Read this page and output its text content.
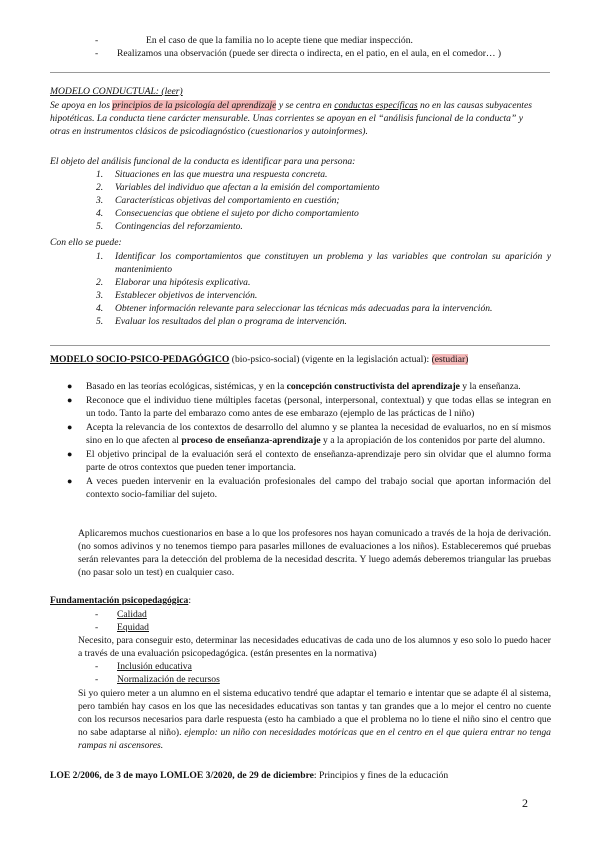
-	En el caso de que la familia no lo acepte tiene que mediar inspección.
- Realizamos una observación (puede ser directa o indirecta, en el patio, en el aula, en el comedor… )
MODELO CONDUCTUAL: (leer)
Se apoya en los principios de la psicología del aprendizaje y se centra en conductas específicas no en las causas subyacentes
hipotéticas. La conducta tiene carácter mensurable. Unas corrientes se apoyan en el “análisis funcional de la conducta” y
otras en instrumentos clásicos de psicodiagnóstico (cuestionarios y autoinformes).
El objeto del análisis funcional de la conducta es identificar para una persona:
1. Situaciones en las que muestra una respuesta concreta.
2. Variables del individuo que afectan a la emisión del comportamiento
3. Características objetivas del comportamiento en cuestión;
4. Consecuencias que obtiene el sujeto por dicho comportamiento
5. Contingencias del reforzamiento.
Con ello se puede:
1. Identificar los comportamientos que constituyen un problema y las variables que controlan su aparición y
mantenimiento
2. Elaborar una hipótesis explicativa.
3. Establecer objetivos de intervención.
4. Obtener información relevante para seleccionar las técnicas más adecuadas para la intervención.
5. Evaluar los resultados del plan o programa de intervención.
MODELO SOCIO-PSICO-PEDAGÓGICO (bio-psico-social) (vigente en la legislación actual): (estudiar)
● Basado en las teorías ecológicas, sistémicas, y en la concepción constructivista del aprendizaje y la enseñanza.
● Reconoce que el individuo tiene múltiples facetas (personal, interpersonal, contextual) y que todas ellas se integran en un todo. Tanto la parte del embarazo como antes de ese embarazo (ejemplo de las prácticas de l niño)
● Acepta la relevancia de los contextos de desarrollo del alumno y se plantea la necesidad de evaluarlos, no en sí mismos sino en lo que afecten al proceso de enseñanza-aprendizaje y a la apropiación de los contenidos por parte del alumno.
● El objetivo principal de la evaluación será el contexto de enseñanza-aprendizaje pero sin olvidar que el alumno forma parte de otros contextos que pueden tener importancia.
● A veces pueden intervenir en la evaluación profesionales del campo del trabajo social que aportan información del contexto socio-familiar del sujeto.
Aplicaremos muchos cuestionarios en base a lo que los profesores nos hayan comunicado a través de la hoja de derivación. (no somos adivinos y no tenemos tiempo para pasarles millones de evaluaciones a los niños). Estableceremos qué pruebas serán relevantes para la detección del problema de la necesidad descrita. Y luego además deberemos triangular las pruebas (no pasar solo un test) en cualquier caso.
Fundamentación psicopedagógica:
- Calidad
- Equidad
Necesito, para conseguir esto, determinar las necesidades educativas de cada uno de los alumnos y eso solo lo puedo hacer a través de una evaluación psicopedagógica. (están presentes en la normativa)
- Inclusión educativa
- Normalización de recursos
Si yo quiero meter a un alumno en el sistema educativo tendré que adaptar el temario e intentar que se adapte él al sistema, pero también hay casos en los que las necesidades educativas son tantas y tan grandes que a lo mejor el centro no cuente con los recursos necesarios para darle respuesta (esto ha cambiado a que el problema no lo tiene el niño sino el centro que no sabe adaptarse al niño). ejemplo: un niño con necesidades motóricas que en el centro en el que quiera entrar no tenga rampas ni ascensores.
LOE 2/2006, de 3 de mayo LOMLOE 3/2020, de 29 de diciembre: Principios y fines de la educación
2
